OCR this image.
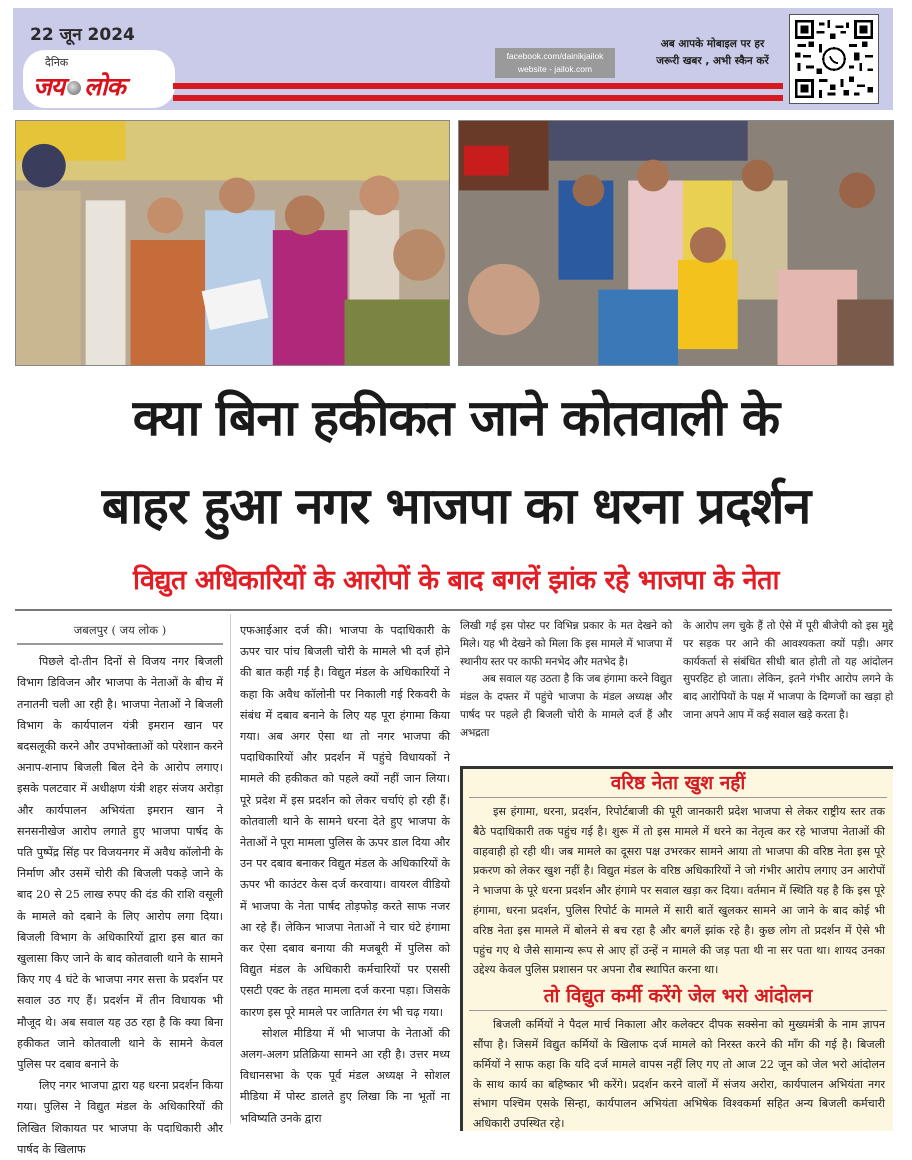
22 जून 2024
दैनिक
जय लोक
facebook.com/dainikjailok
website - jailok.com
अब आपके मोबाइल पर हर
जरूरी खबर , अभी स्कैन करें
क्या बिना हकीकत जाने कोतवाली के
बाहर हुआ नगर भाजपा का धरना प्रदर्शन
विद्युत अधिकारियों के आरोपों के बाद बगलें झांक रहे भाजपा के नेता

जबलपुर ( जय लोक )

पिछले दो-तीन दिनों से विजय नगर बिजली विभाग डिविजन और भाजपा के नेताओं के बीच में तनातनी चली आ रही है। भाजपा नेताओं ने बिजली विभाग के कार्यपालन यंत्री इमरान खान पर बदसलूकी करने और उपभोक्ताओं को परेशान करने अनाप-शनाप बिजली बिल देने के आरोप लगाए। इसके पलटवार में अधीक्षण यंत्री शहर संजय अरोड़ा और कार्यपालन अभियंता इमरान खान ने सनसनीखेज आरोप लगाते हुए भाजपा पार्षद के पति पुष्पेंद्र सिंह पर विजयनगर में अवैध कॉलोनी के निर्माण और उसमें चोरी की बिजली पकड़े जाने के बाद 20 से 25 लाख रुपए की दंड की राशि वसूली के मामले को दबाने के लिए आरोप लगा दिया। बिजली विभाग के अधिकारियों द्वारा इस बात का खुलासा किए जाने के बाद कोतवाली थाने के सामने किए गए 4 घंटे के भाजपा नगर सत्ता के प्रदर्शन पर सवाल उठ गए हैं। प्रदर्शन में तीन विधायक भी मौजूद थे। अब सवाल यह उठ रहा है कि क्या बिना हकीकत जाने कोतवाली थाने के सामने केवल पुलिस पर दबाव बनाने के

लिए नगर भाजपा द्वारा यह धरना प्रदर्शन किया गया। पुलिस ने विद्युत मंडल के अधिकारियों की लिखित शिकायत पर भाजपा के पदाधिकारी और पार्षद के खिलाफ

एफआईआर दर्ज की। भाजपा के पदाधिकारी के ऊपर चार पांच बिजली चोरी के मामले भी दर्ज होने की बात कही गई है। विद्युत मंडल के अधिकारियों ने कहा कि अवैध कॉलोनी पर निकाली गई रिकवरी के संबंध में दबाव बनाने के लिए यह पूरा हंगामा किया गया। अब अगर ऐसा था तो नगर भाजपा की पदाधिकारियों और प्रदर्शन में पहुंचे विधायकों ने मामले की हकीकत को पहले क्यों नहीं जान लिया। पूरे प्रदेश में इस प्रदर्शन को लेकर चर्चाएं हो रही हैं। कोतवाली थाने के सामने धरना देते हुए भाजपा के नेताओं ने पूरा मामला पुलिस के ऊपर डाल दिया और उन पर दबाव बनाकर विद्युत मंडल के अधिकारियों के ऊपर भी काउंटर केस दर्ज करवाया। वायरल वीडियो में भाजपा के नेता पार्षद तोड़फोड़ करते साफ नजर आ रहे हैं। लेकिन भाजपा नेताओं ने चार घंटे हंगामा कर ऐसा दबाव बनाया की मजबूरी में पुलिस को विद्युत मंडल के अधिकारी कर्मचारियों पर एससी एसटी एक्ट के तहत मामला दर्ज करना पड़ा। जिसके कारण इस पूरे मामले पर जातिगत रंग भी चढ़ गया।

सोशल मीडिया में भी भाजपा के नेताओं की अलग-अलग प्रतिक्रिया सामने आ रही है। उत्तर मध्य विधानसभा के एक पूर्व मंडल अध्यक्ष ने सोशल मीडिया में पोस्ट डालते हुए लिखा कि ना भूतों ना भविष्यति उनके द्वारा

लिखी गई इस पोस्ट पर विभिन्न प्रकार के मत देखने को मिले। यह भी देखने को मिला कि इस मामले में भाजपा में स्थानीय स्तर पर काफी मनभेद और मतभेद है।

अब सवाल यह उठता है कि जब हंगामा करने विद्युत मंडल के दफ्तर में पहुंचे भाजपा के मंडल अध्यक्ष और पार्षद पर पहले ही बिजली चोरी के मामले दर्ज हैं और अभद्रता

के आरोप लग चुके हैं तो ऐसे में पूरी बीजेपी को इस मुद्दे पर सड़क पर आने की आवश्यकता क्यों पड़ी। अगर कार्यकर्ता से संबंधित सीधी बात होती तो यह आंदोलन सुपरहिट हो जाता। लेकिन, इतने गंभीर आरोप लगने के बाद आरोपियों के पक्ष में भाजपा के दिग्गजों का खड़ा हो जाना अपने आप में कई सवाल खड़े करता है।

वरिष्ठ नेता खुश नहीं

इस हंगामा, धरना, प्रदर्शन, रिपोर्टबाजी की पूरी जानकारी प्रदेश भाजपा से लेकर राष्ट्रीय स्तर तक बैठे पदाधिकारी तक पहुंच गई है। शुरू में तो इस मामले में धरने का नेतृत्व कर रहे भाजपा नेताओं की वाहवाही हो रही थी। जब मामले का दूसरा पक्ष उभरकर सामने आया तो भाजपा की वरिष्ठ नेता इस पूरे प्रकरण को लेकर खुश नहीं है। विद्युत मंडल के वरिष्ठ अधिकारियों ने जो गंभीर आरोप लगाए उन आरोपों ने भाजपा के पूरे धरना प्रदर्शन और हंगामे पर सवाल खड़ा कर दिया। वर्तमान में स्थिति यह है कि इस पूरे हंगामा, धरना प्रदर्शन, पुलिस रिपोर्ट के मामले में सारी बातें खुलकर सामने आ जाने के बाद कोई भी वरिष्ठ नेता इस मामले में बोलने से बच रहा है और बगलें झांक रहे है। कुछ लोग तो प्रदर्शन में ऐसे भी पहुंच गए थे जैसे सामान्य रूप से आए हों उन्हें न मामले की जड़ पता थी ना सर पता था। शायद उनका उद्देश्य केवल पुलिस प्रशासन पर अपना रौब स्थापित करना था।

तो विद्युत कर्मी करेंगे जेल भरो आंदोलन

बिजली कर्मियों ने पैदल मार्च निकाला और कलेक्टर दीपक सक्सेना को मुख्यमंत्री के नाम ज्ञापन सौंपा है। जिसमें विद्युत कर्मियों के खिलाफ दर्ज मामले को निरस्त करने की माँग की गई है। बिजली कर्मियों ने साफ कहा कि यदि दर्ज मामले वापस नहीं लिए गए तो आज 22 जून को जेल भरो आंदोलन के साथ कार्य का बहिष्कार भी करेंगे। प्रदर्शन करने वालों में संजय अरोरा, कार्यपालन अभियंता नगर संभाग पश्चिम एसके सिन्हा, कार्यपालन अभियंता अभिषेक विश्वकर्मा सहित अन्य बिजली कर्मचारी अधिकारी उपस्थित रहे।
